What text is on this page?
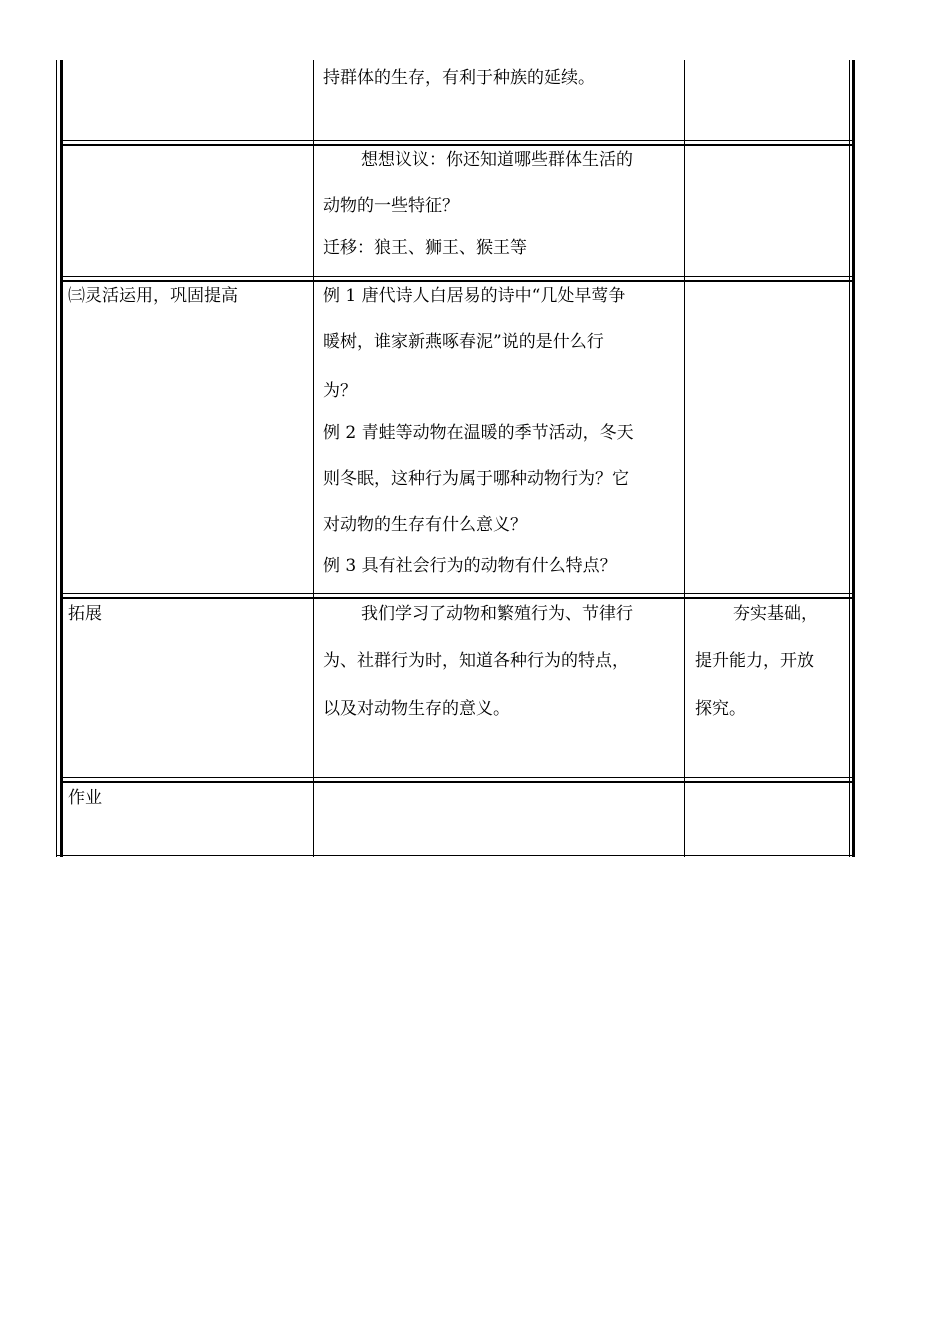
持群体的生存，有利于种族的延续。
想想议议：你还知道哪些群体生活的
动物的一些特征？
迁移：狼王、狮王、猴王等
㈢灵活运用，巩固提高	例 1 唐代诗人白居易的诗中“几处早莺争
暖树，谁家新燕啄春泥”说的是什么行
为？
例 2 青蛙等动物在温暖的季节活动，冬天
则冬眠，这种行为属于哪种动物行为？它
对动物的生存有什么意义？
例 3 具有社会行为的动物有什么特点？
拓展	我们学习了动物和繁殖行为、节律行
为、社群行为时，知道各种行为的特点，
以及对动物生存的意义。
夯实基础，
提升能力，开放
探究。
作业
